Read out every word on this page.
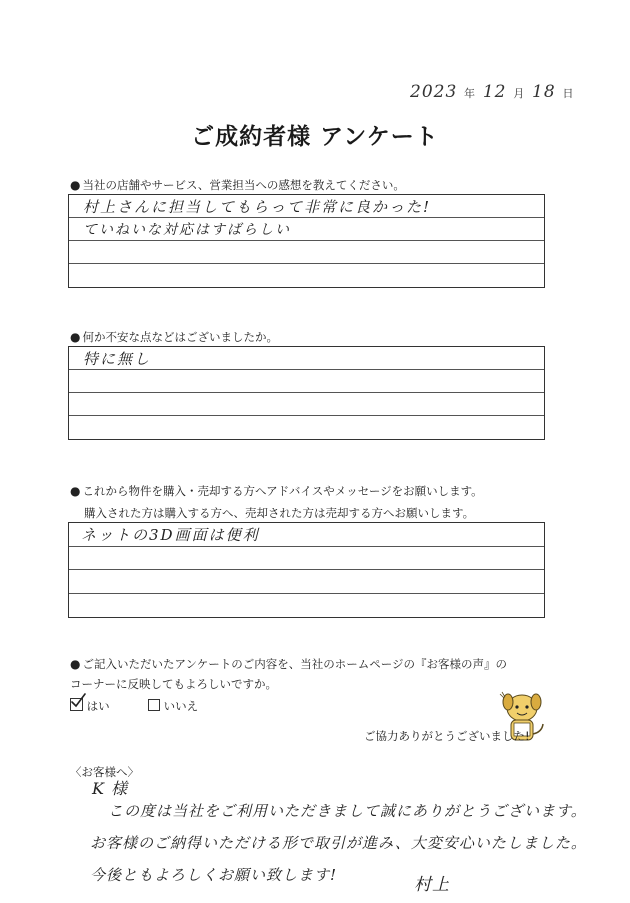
2023 年 12 月 18 日
ご成約者様 アンケート
● 当社の店舗やサービス、営業担当への感想を教えてください。
村上さんに担当してもらって非常に良かった!
ていねいな対応はすばらしい
● 何か不安な点などはございましたか。
特に無し
● これから物件を購入・売却する方へアドバイスやメッセージをお願いします。
購入された方は購入する方へ、売却された方は売却する方へお願いします。
ネットの3D画面は便利
● ご記入いただいたアンケートのご内容を、当社のホームページの『お客様の声』の
コーナーに反映してもよろしいですか。
はい	いいえ
ご協力ありがとうございました!
〈お客様へ〉
K 様
この度は当社をご利用いただきまして誠にありがとうございます。
お客様のご納得いただける形で取引が進み、大変安心いたしました。
今後ともよろしくお願い致します!	村上
